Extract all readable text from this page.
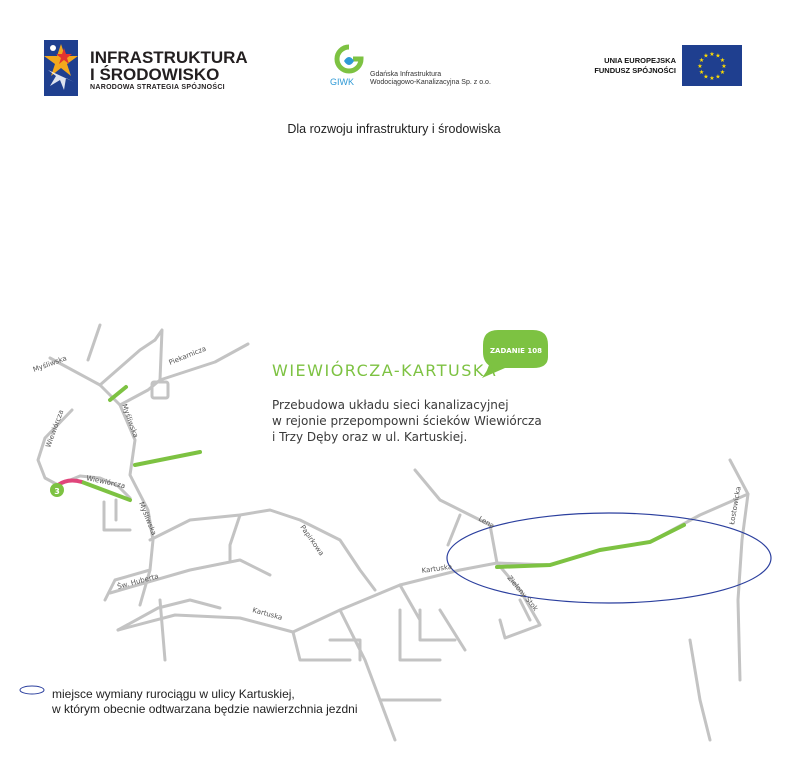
INFRASTRUKTURA
I ŚRODOWISKO
NARODOWA STRATEGIA SPÓJNOŚCI
GIWK
Gdańska Infrastruktura
Wodociągowo-Kanalizacyjna Sp. z o.o.
UNIA EUROPEJSKA
FUNDUSZ SPÓJNOŚCI
★ ★
★
★
★
★
★
★
★
★
★
★
Dla rozwoju infrastruktury i środowiska
3
Piekarnicza
Myśliwska
Myśliwska
Myśliwska
Wiewiórcza
Wiewiórcza
Papirkowa
Św. Huberta
Kartuska
Kartuska
Lena
Zielony Stok
Łostowicka
ZADANIE 108
WIEWIÓRCZA-KARTUSKA
Przebudowa układu sieci kanalizacyjnej
w rejonie przepompowni ścieków Wiewiórcza
i Trzy Dęby oraz w ul. Kartuskiej.
miejsce wymiany rurociągu w ulicy Kartuskiej,
w którym obecnie odtwarzana będzie nawierzchnia jezdni
